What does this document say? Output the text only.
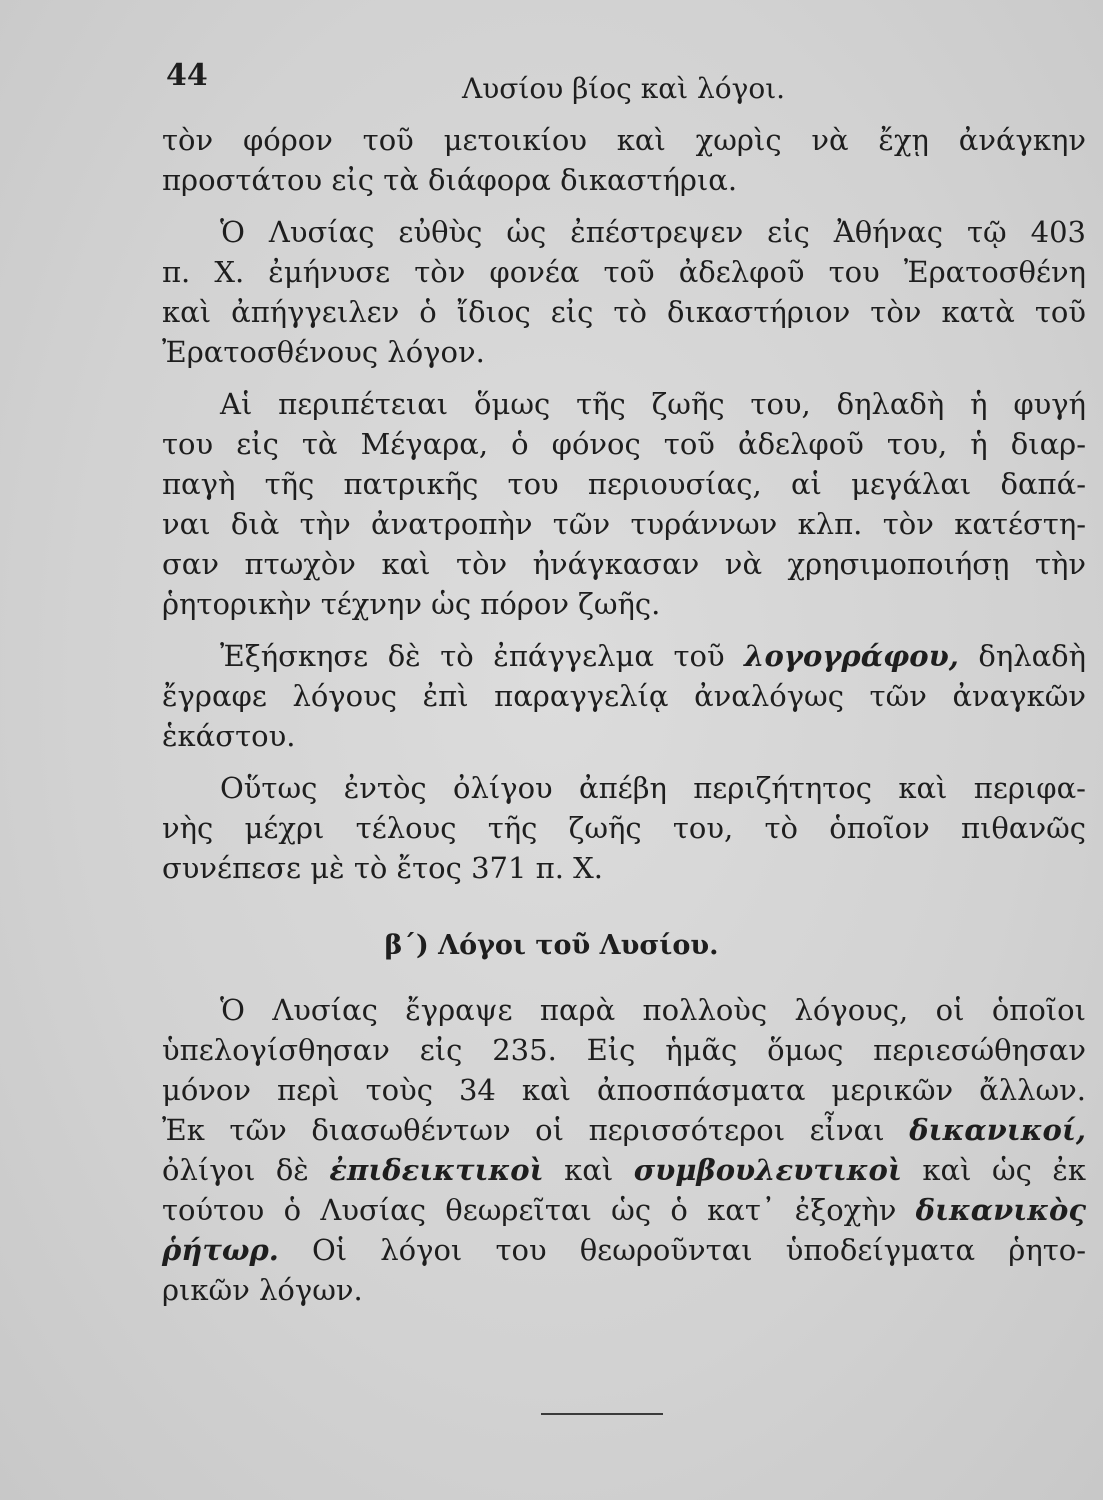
44	Λυσίου βίος καὶ λόγοι.
τὸν φόρον τοῦ μετοικίου καὶ χωρὶς νὰ ἔχῃ ἀνάγκην
προστάτου εἰς τὰ διάφορα δικαστήρια.
Ὁ Λυσίας εὐθὺς ὡς ἐπέστρεψεν εἰς Ἀθήνας τῷ 403
π. Χ. ἐμήνυσε τὸν φονέα τοῦ ἀδελφοῦ του Ἐρατοσθένη
καὶ ἀπήγγειλεν ὁ ἴδιος εἰς τὸ δικαστήριον τὸν κατὰ τοῦ
Ἐρατοσθένους λόγον.
Αἱ περιπέτειαι ὅμως τῆς ζωῆς του, δηλαδὴ ἡ φυγή
του εἰς τὰ Μέγαρα, ὁ φόνος τοῦ ἀδελφοῦ του, ἡ διαρ-
παγὴ τῆς πατρικῆς του περιουσίας, αἱ μεγάλαι δαπά-
ναι διὰ τὴν ἀνατροπὴν τῶν τυράννων κλπ. τὸν κατέστη-
σαν πτωχὸν καὶ τὸν ἠνάγκασαν νὰ χρησιμοποιήσῃ τὴν
ῥητορικὴν τέχνην ὡς πόρον ζωῆς.
Ἐξήσκησε δὲ τὸ ἐπάγγελμα τοῦ λογογράφου, δηλαδὴ
ἔγραφε λόγους ἐπὶ παραγγελίᾳ ἀναλόγως τῶν ἀναγκῶν
ἑκάστου.
Οὕτως ἐντὸς ὀλίγου ἀπέβη περιζήτητος καὶ περιφα-
νὴς μέχρι τέλους τῆς ζωῆς του, τὸ ὁποῖον πιθανῶς
συνέπεσε μὲ τὸ ἔτος 371 π. Χ.
β΄) Λόγοι τοῦ Λυσίου.
Ὁ Λυσίας ἔγραψε παρὰ πολλοὺς λόγους, οἱ ὁποῖοι
ὑπελογίσθησαν εἰς 235. Εἰς ἡμᾶς ὅμως περιεσώθησαν
μόνον περὶ τοὺς 34 καὶ ἀποσπάσματα μερικῶν ἄλλων.
Ἐκ τῶν διασωθέντων οἱ περισσότεροι εἶναι δικανικοί,
ὀλίγοι δὲ ἐπιδεικτικοὶ καὶ συμβουλευτικοὶ καὶ ὡς ἐκ
τούτου ὁ Λυσίας θεωρεῖται ὡς ὁ κατ᾽ ἐξοχὴν δικανικὸς
ῥήτωρ. Οἱ λόγοι του θεωροῦνται ὑποδείγματα ῥητο-
ρικῶν λόγων.
